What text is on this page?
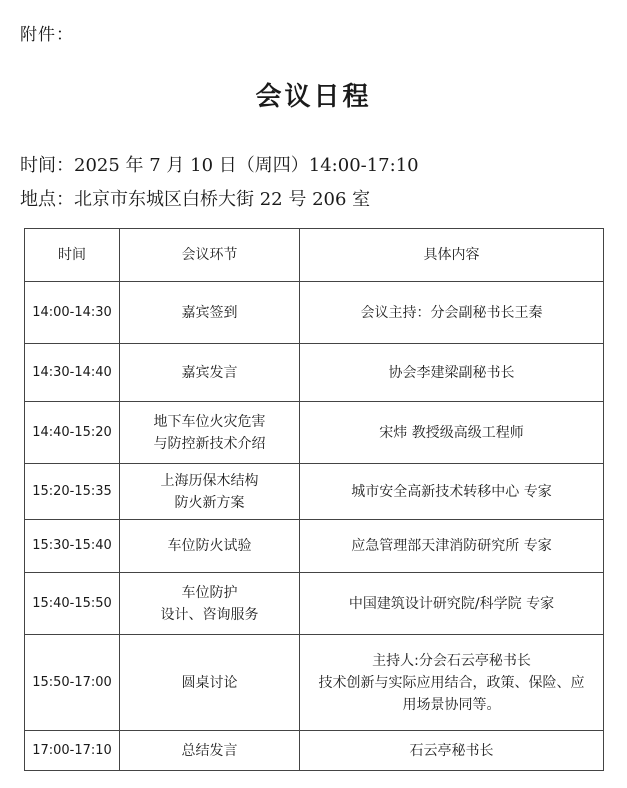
附件：
会议日程
时间：2025 年 7 月 10 日（周四）14:00-17:10
地点：北京市东城区白桥大街 22 号 206 室
时间	会议环节	具体内容
14:00-14:30	嘉宾签到	会议主持：分会副秘书长王秦

14:30-14:40	嘉宾发言	协会李建梁副秘书长

14:40-15:20	地下车位火灾危害
与防控新技术介绍	宋炜 教授级高级工程师

15:20-15:35	上海历保木结构
防火新方案	城市安全高新技术转移中心 专家

15:30-15:40	车位防火试验	应急管理部天津消防研究所 专家

15:40-15:50	车位防护
设计、咨询服务	中国建筑设计研究院/科学院 专家

15:50-17:00	圆桌讨论	主持人:分会石云亭秘书长
技术创新与实际应用结合，政策、保险、应
用场景协同等。

17:00-17:10	总结发言	石云亭秘书长
